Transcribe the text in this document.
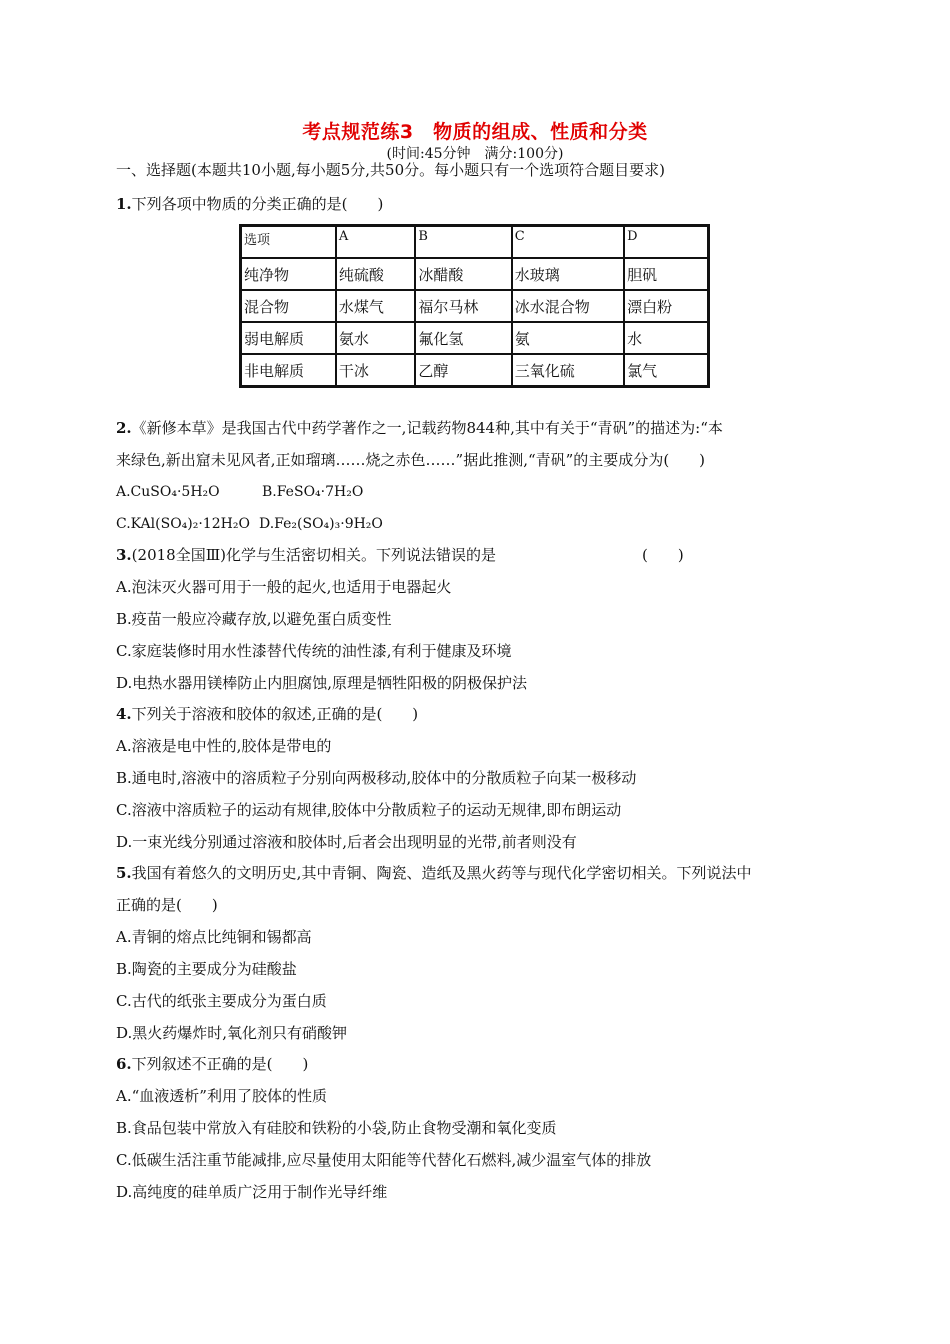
考点规范练3　物质的组成、性质和分类
(时间:45分钟　满分:100分)
一、选择题(本题共10小题,每小题5分,共50分。每小题只有一个选项符合题目要求)
1.下列各项中物质的分类正确的是(　　)
选项	A	B	C	D
纯净物	纯硫酸	冰醋酸	水玻璃	胆矾
混合物	水煤气	福尔马林	冰水混合物	漂白粉
弱电解质	氨水	氟化氢	氨	水
非电解质	干冰	乙醇	三氧化硫	氯气
2.《新修本草》是我国古代中药学著作之一,记载药物844种,其中有关于“青矾”的描述为:“本
来绿色,新出窟未见风者,正如瑠璃……烧之赤色……”据此推测,“青矾”的主要成分为(　　)
A.CuSO₄·5H₂O	B.FeSO₄·7H₂O
C.KAl(SO₄)₂·12H₂O D.Fe₂(SO₄)₃·9H₂O
3.(2018全国Ⅲ)化学与生活密切相关。下列说法错误的是	(　　)
A.泡沫灭火器可用于一般的起火,也适用于电器起火
B.疫苗一般应冷藏存放,以避免蛋白质变性
C.家庭装修时用水性漆替代传统的油性漆,有利于健康及环境
D.电热水器用镁棒防止内胆腐蚀,原理是牺牲阳极的阴极保护法
4.下列关于溶液和胶体的叙述,正确的是(　　)
A.溶液是电中性的,胶体是带电的
B.通电时,溶液中的溶质粒子分别向两极移动,胶体中的分散质粒子向某一极移动
C.溶液中溶质粒子的运动有规律,胶体中分散质粒子的运动无规律,即布朗运动
D.一束光线分别通过溶液和胶体时,后者会出现明显的光带,前者则没有
5.我国有着悠久的文明历史,其中青铜、陶瓷、造纸及黑火药等与现代化学密切相关。下列说法中
正确的是(　　)
A.青铜的熔点比纯铜和锡都高
B.陶瓷的主要成分为硅酸盐
C.古代的纸张主要成分为蛋白质
D.黑火药爆炸时,氧化剂只有硝酸钾
6.下列叙述不正确的是(　　)
A.“血液透析”利用了胶体的性质
B.食品包装中常放入有硅胶和铁粉的小袋,防止食物受潮和氧化变质
C.低碳生活注重节能减排,应尽量使用太阳能等代替化石燃料,减少温室气体的排放
D.高纯度的硅单质广泛用于制作光导纤维
